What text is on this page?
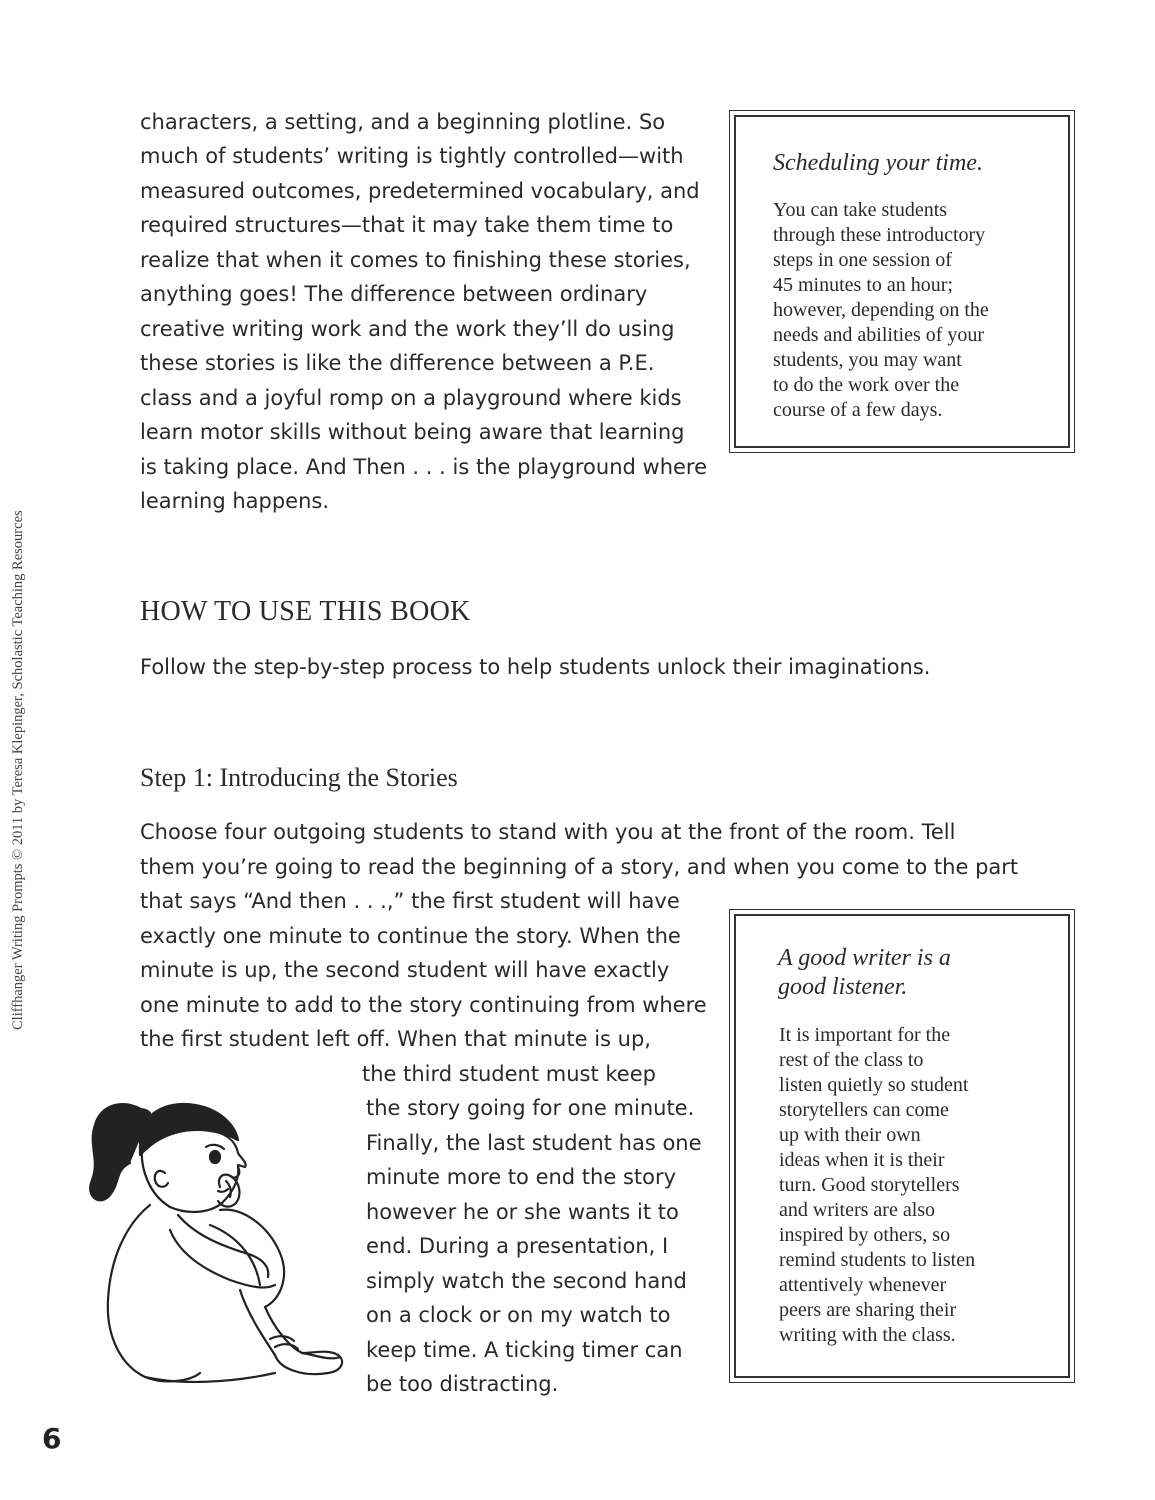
characters, a setting, and a beginning plotline. So
much of students’ writing is tightly controlled—with
measured outcomes, predetermined vocabulary, and
required structures—that it may take them time to
realize that when it comes to finishing these stories,
anything goes! The difference between ordinary
creative writing work and the work they’ll do using
these stories is like the difference between a P.E.
class and a joyful romp on a playground where kids
learn motor skills without being aware that learning
is taking place. And Then . . . is the playground where
learning happens.
Scheduling your time.
You can take students
through these introductory
steps in one session of
45 minutes to an hour;
however, depending on the
needs and abilities of your
students, you may want
to do the work over the
course of a few days.
HOW TO USE THIS BOOK
Follow the step-by-step process to help students unlock their imaginations.
Step 1: Introducing the Stories
Choose four outgoing students to stand with you at the front of the room. Tell
them you’re going to read the beginning of a story, and when you come to the part
that says “And then . . .,” the first student will have
exactly one minute to continue the story. When the
minute is up, the second student will have exactly
one minute to add to the story continuing from where
the first student left off. When that minute is up,
the third student must keep
the story going for one minute.
Finally, the last student has one
minute more to end the story
however he or she wants it to
end. During a presentation, I
simply watch the second hand
on a clock or on my watch to
keep time. A ticking timer can
be too distracting.
A good writer is a
good listener.
It is important for the
rest of the class to
listen quietly so student
storytellers can come
up with their own
ideas when it is their
turn. Good storytellers
and writers are also
inspired by others, so
remind students to listen
attentively whenever
peers are sharing their
writing with the class.
Cliffhanger Writing Prompts © 2011 by Teresa Klepinger, Scholastic Teaching Resources
6
